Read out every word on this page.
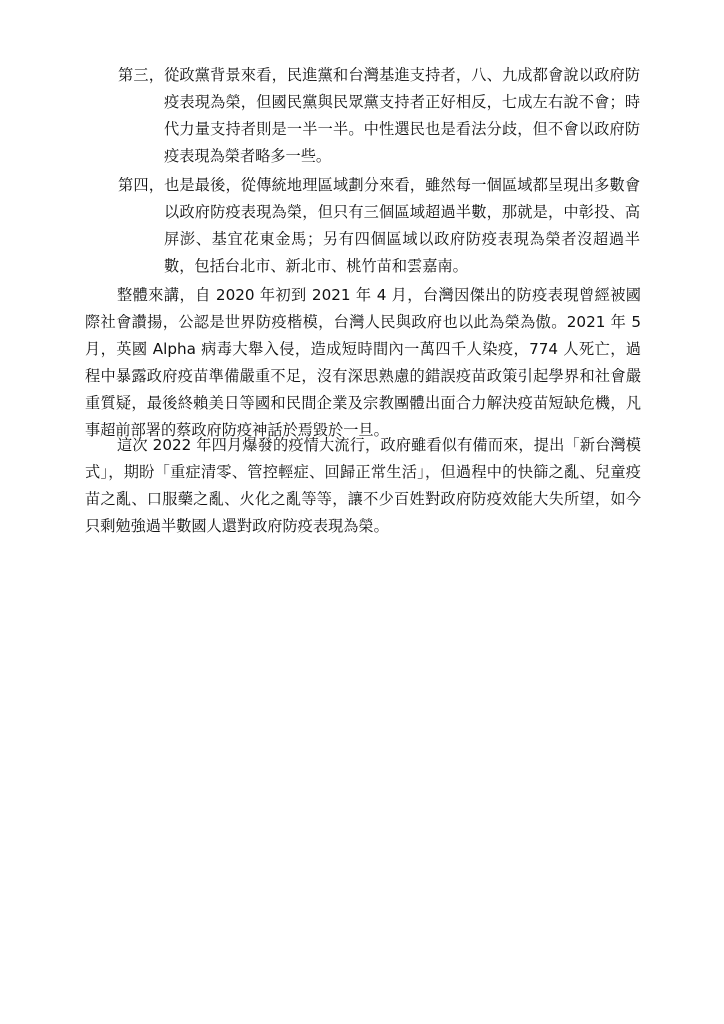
第三，從政黨背景來看，民進黨和台灣基進支持者，八、九成都會說以政府防疫表現為榮，但國民黨與民眾黨支持者正好相反，七成左右說不會；時代力量支持者則是一半一半。中性選民也是看法分歧，但不會以政府防疫表現為榮者略多一些。

第四，也是最後，從傳統地理區域劃分來看，雖然每一個區域都呈現出多數會以政府防疫表現為榮，但只有三個區域超過半數，那就是，中彰投、高屏澎、基宜花東金馬；另有四個區域以政府防疫表現為榮者沒超過半數，包括台北市、新北市、桃竹苗和雲嘉南。

整體來講，自 2020 年初到 2021 年 4 月，台灣因傑出的防疫表現曾經被國際社會讚揚，公認是世界防疫楷模，台灣人民與政府也以此為榮為傲。2021 年 5 月，英國 Alpha 病毒大舉入侵，造成短時間內一萬四千人染疫，774 人死亡，過程中暴露政府疫苗準備嚴重不足，沒有深思熟慮的錯誤疫苗政策引起學界和社會嚴重質疑，最後終賴美日等國和民間企業及宗教團體出面合力解決疫苗短缺危機，凡事超前部署的蔡政府防疫神話於焉毀於一旦。

這次 2022 年四月爆發的疫情大流行，政府雖看似有備而來，提出「新台灣模式」，期盼「重症清零、管控輕症、回歸正常生活」，但過程中的快篩之亂、兒童疫苗之亂、口服藥之亂、火化之亂等等，讓不少百姓對政府防疫效能大失所望，如今只剩勉強過半數國人還對政府防疫表現為榮。
